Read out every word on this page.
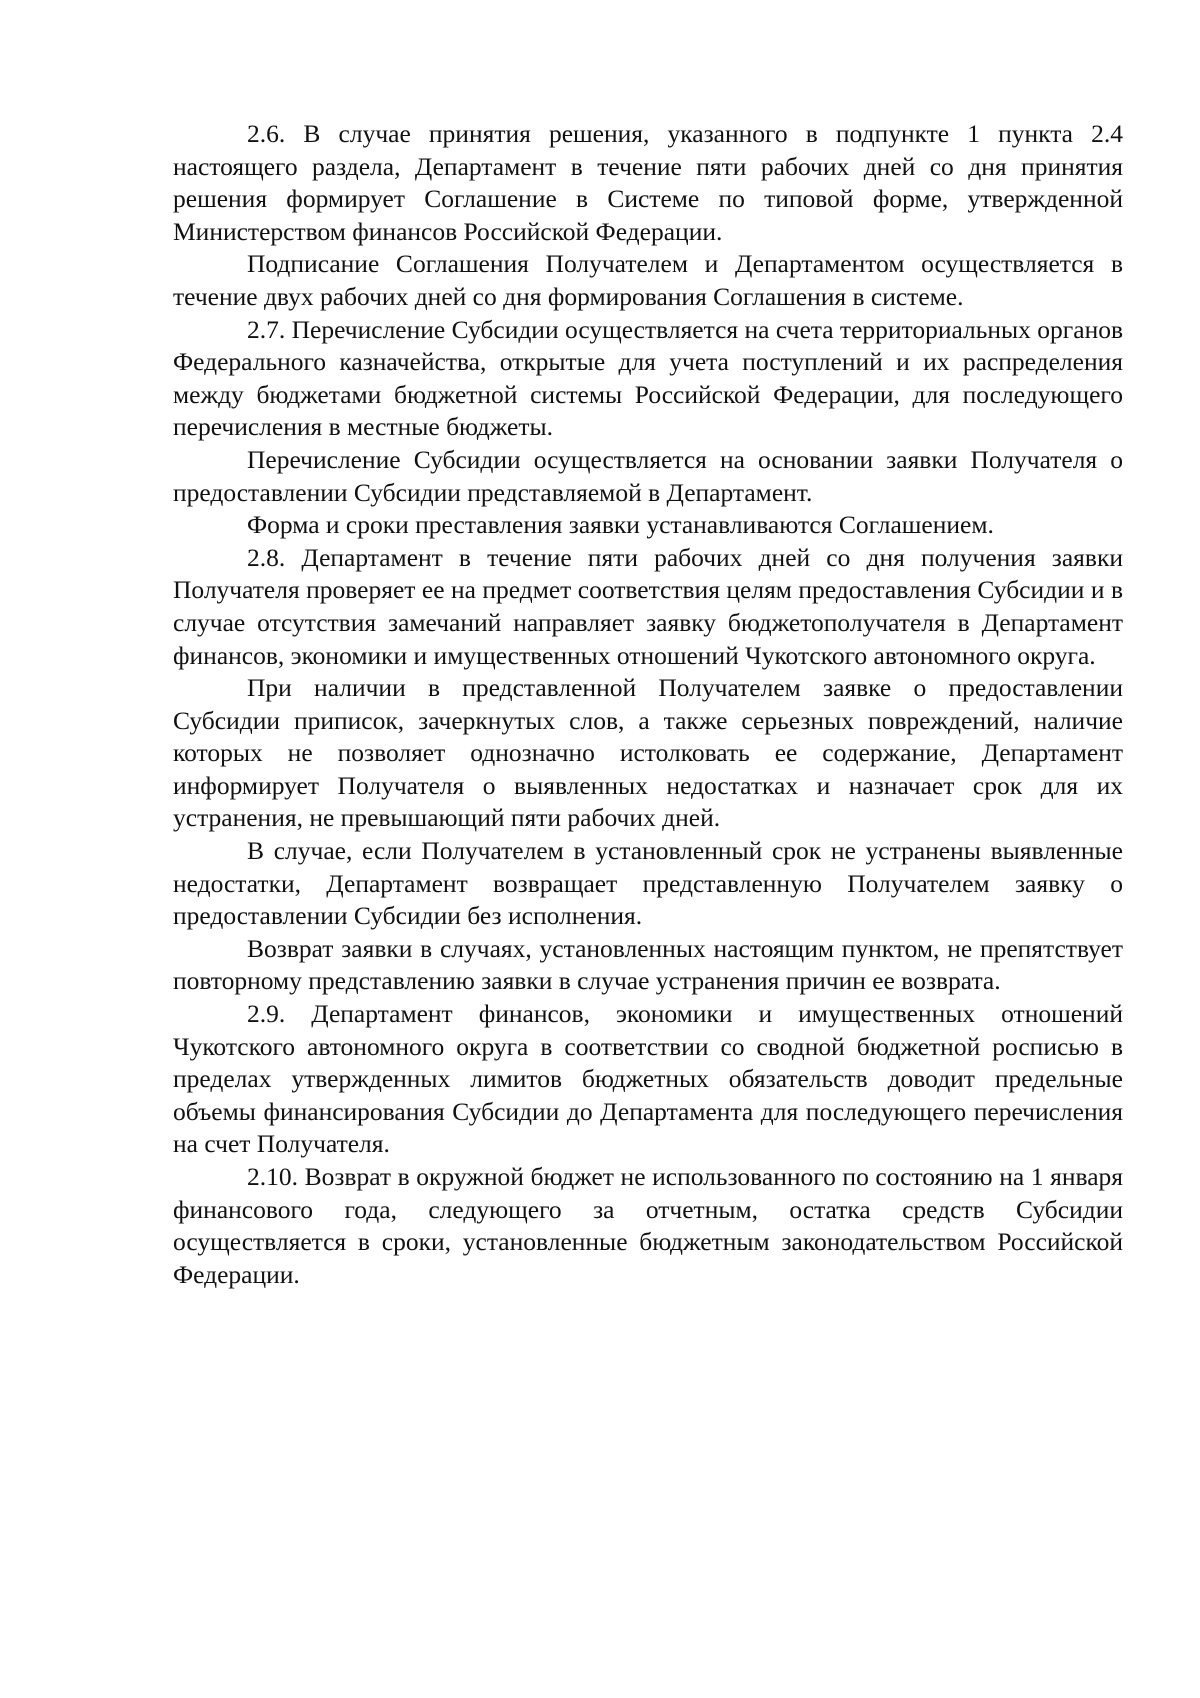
2.6. В случае принятия решения, указанного в подпункте 1 пункта 2.4 настоящего раздела, Департамент в течение пяти рабочих дней со дня принятия решения формирует Соглашение в Системе по типовой форме, утвержденной Министерством финансов Российской Федерации.

Подписание Соглашения Получателем и Департаментом осуществляется в течение двух рабочих дней со дня формирования Соглашения в системе.

2.7. Перечисление Субсидии осуществляется на счета территориальных органов Федерального казначейства, открытые для учета поступлений и их распределения между бюджетами бюджетной системы Российской Федерации, для последующего перечисления в местные бюджеты.

Перечисление Субсидии осуществляется на основании заявки Получателя о предоставлении Субсидии представляемой в Департамент.

Форма и сроки преставления заявки устанавливаются Соглашением.

2.8. Департамент в течение пяти рабочих дней со дня получения заявки Получателя проверяет ее на предмет соответствия целям предоставления Субсидии и в случае отсутствия замечаний направляет заявку бюджетополучателя в Департамент финансов, экономики и имущественных отношений Чукотского автономного округа.

При наличии в представленной Получателем заявке о предоставлении Субсидии приписок, зачеркнутых слов, а также серьезных повреждений, наличие которых не позволяет однозначно истолковать ее содержание, Департамент информирует Получателя о выявленных недостатках и назначает срок для их устранения, не превышающий пяти рабочих дней.

В случае, если Получателем в установленный срок не устранены выявленные недостатки, Департамент возвращает представленную Получателем заявку о предоставлении Субсидии без исполнения.

Возврат заявки в случаях, установленных настоящим пунктом, не препятствует повторному представлению заявки в случае устранения причин ее возврата.

2.9. Департамент финансов, экономики и имущественных отношений Чукотского автономного округа в соответствии со сводной бюджетной росписью в пределах утвержденных лимитов бюджетных обязательств доводит предельные объемы финансирования Субсидии до Департамента для последующего перечисления на счет Получателя.

2.10. Возврат в окружной бюджет не использованного по состоянию на 1 января финансового года, следующего за отчетным, остатка средств Субсидии осуществляется в сроки, установленные бюджетным законодательством Российской Федерации.
